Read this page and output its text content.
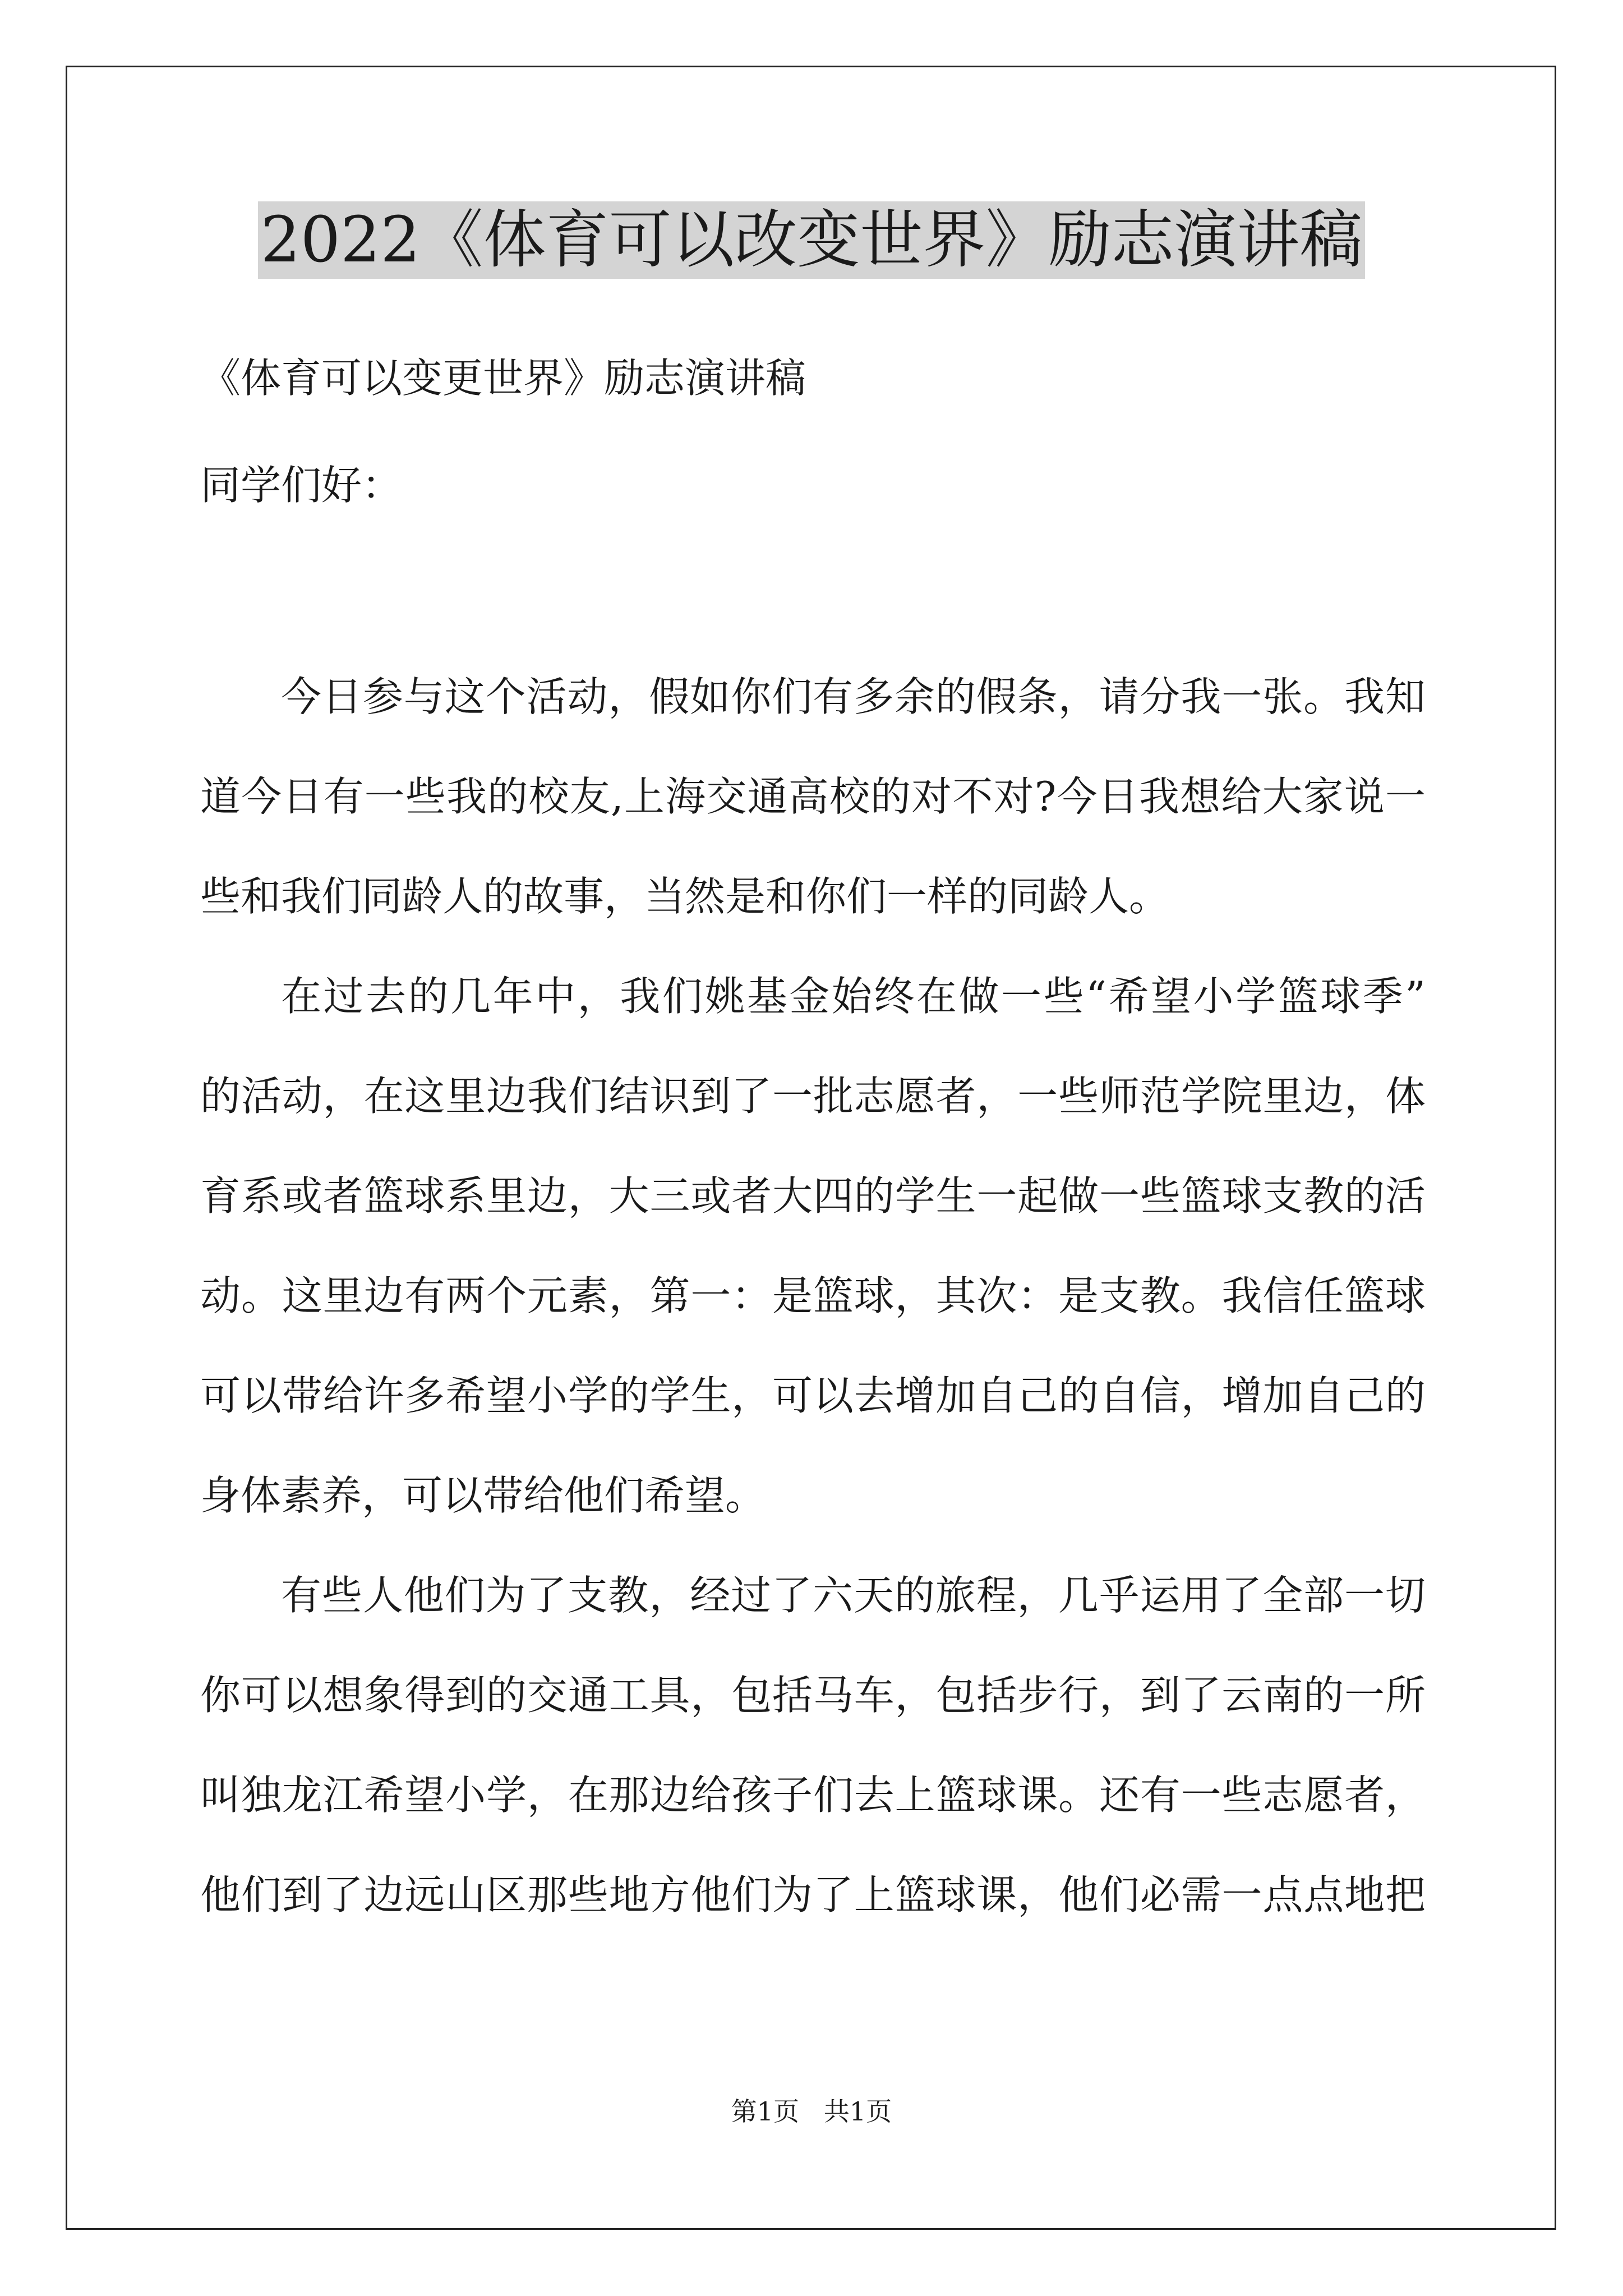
2022《体育可以改变世界》励志演讲稿
《体育可以变更世界》励志演讲稿
同学们好：
今日参与这个活动，假如你们有多余的假条，请分我一张。我知
道今日有一些我的校友,上海交通高校的对不对?今日我想给大家说一
些和我们同龄人的故事，当然是和你们一样的同龄人。
在过去的几年中，我们姚基金始终在做一些“希望小学篮球季”
的活动，在这里边我们结识到了一批志愿者，一些师范学院里边，体
育系或者篮球系里边，大三或者大四的学生一起做一些篮球支教的活
动。这里边有两个元素，第一：是篮球，其次：是支教。我信任篮球
可以带给许多希望小学的学生，可以去增加自己的自信，增加自己的
身体素养，可以带给他们希望。
有些人他们为了支教，经过了六天的旅程，几乎运用了全部一切
你可以想象得到的交通工具，包括马车，包括步行，到了云南的一所
叫独龙江希望小学，在那边给孩子们去上篮球课。还有一些志愿者，
他们到了边远山区那些地方他们为了上篮球课，他们必需一点点地把
第1页   共1页
